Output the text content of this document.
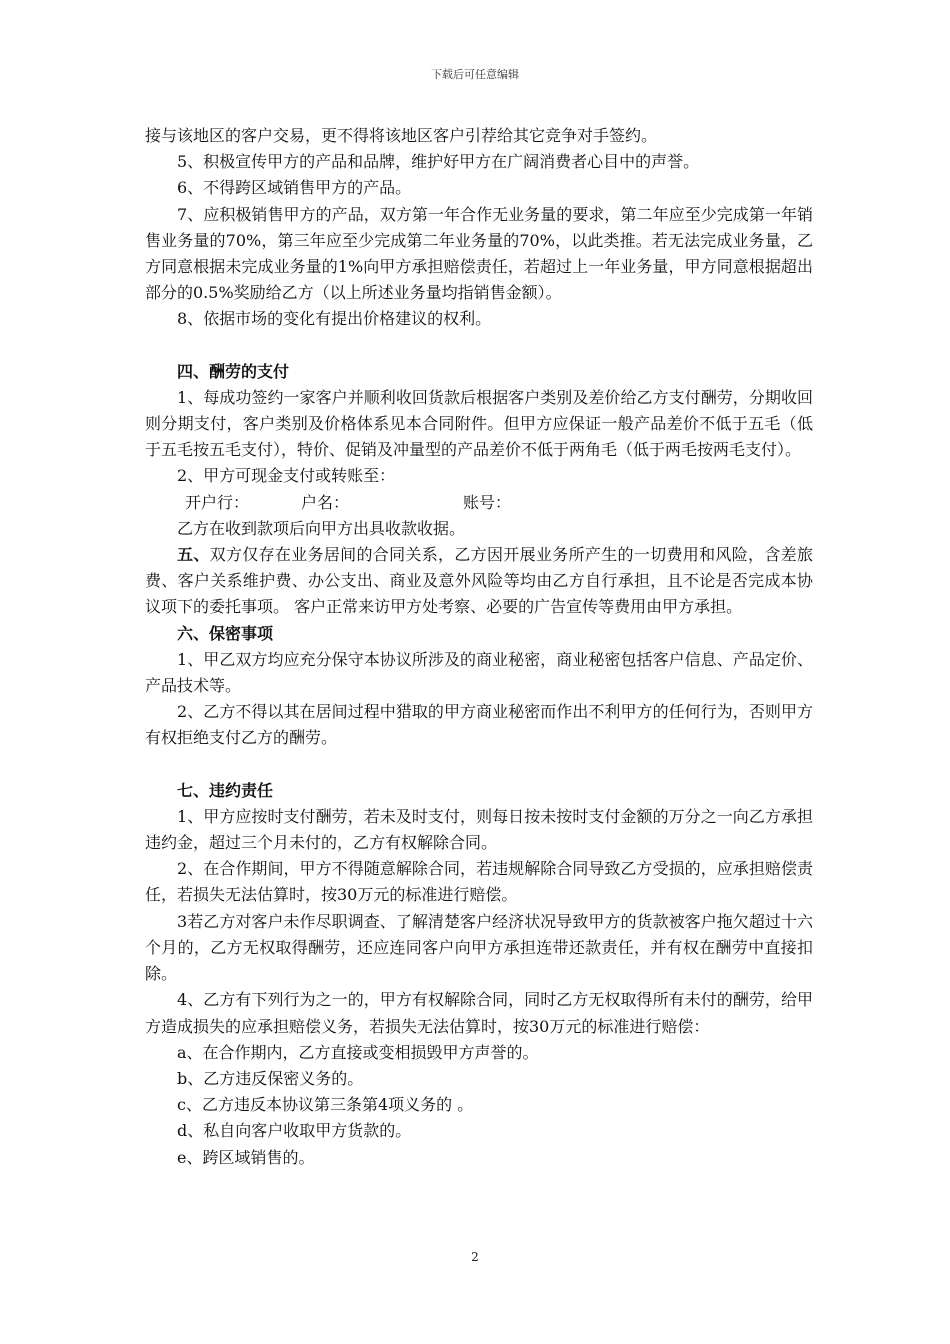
下载后可任意编辑

接与该地区的客户交易，更不得将该地区客户引荐给其它竞争对手签约。

5、积极宣传甲方的产品和品牌，维护好甲方在广阔消费者心目中的声誉。

6、不得跨区域销售甲方的产品。

7、应积极销售甲方的产品，双方第一年合作无业务量的要求，第二年应至少完成第一年销售业务量的70%，第三年应至少完成第二年业务量的70%，以此类推。若无法完成业务量，乙方同意根据未完成业务量的1%向甲方承担赔偿责任，若超过上一年业务量，甲方同意根据超出部分的0.5%奖励给乙方（以上所述业务量均指销售金额）。

8、依据市场的变化有提出价格建议的权利。

四、酬劳的支付

1、每成功签约一家客户并顺利收回货款后根据客户类别及差价给乙方支付酬劳，分期收回则分期支付，客户类别及价格体系见本合同附件。但甲方应保证一般产品差价不低于五毛（低于五毛按五毛支付），特价、促销及冲量型的产品差价不低于两角毛（低于两毛按两毛支付）。

2、甲方可现金支付或转账至：

开户行：	户名：	账号：

乙方在收到款项后向甲方出具收款收据。

五、双方仅存在业务居间的合同关系，乙方因开展业务所产生的一切费用和风险，含差旅费、客户关系维护费、办公支出、商业及意外风险等均由乙方自行承担，且不论是否完成本协议项下的委托事项。 客户正常来访甲方处考察、必要的广告宣传等费用由甲方承担。

六、保密事项

1、甲乙双方均应充分保守本协议所涉及的商业秘密，商业秘密包括客户信息、产品定价、产品技术等。

2、乙方不得以其在居间过程中猎取的甲方商业秘密而作出不利甲方的任何行为，否则甲方有权拒绝支付乙方的酬劳。

七、违约责任

1、甲方应按时支付酬劳，若未及时支付，则每日按未按时支付金额的万分之一向乙方承担违约金，超过三个月未付的，乙方有权解除合同。

2、在合作期间，甲方不得随意解除合同，若违规解除合同导致乙方受损的，应承担赔偿责任，若损失无法估算时，按30万元的标准进行赔偿。

3若乙方对客户未作尽职调查、了解清楚客户经济状况导致甲方的货款被客户拖欠超过十六个月的，乙方无权取得酬劳，还应连同客户向甲方承担连带还款责任，并有权在酬劳中直接扣除。

4、乙方有下列行为之一的，甲方有权解除合同，同时乙方无权取得所有未付的酬劳，给甲方造成损失的应承担赔偿义务，若损失无法估算时，按30万元的标准进行赔偿：

a、在合作期内，乙方直接或变相损毁甲方声誉的。

b、乙方违反保密义务的。

c、乙方违反本协议第三条第4项义务的 。

d、私自向客户收取甲方货款的。

e、跨区域销售的。

2
